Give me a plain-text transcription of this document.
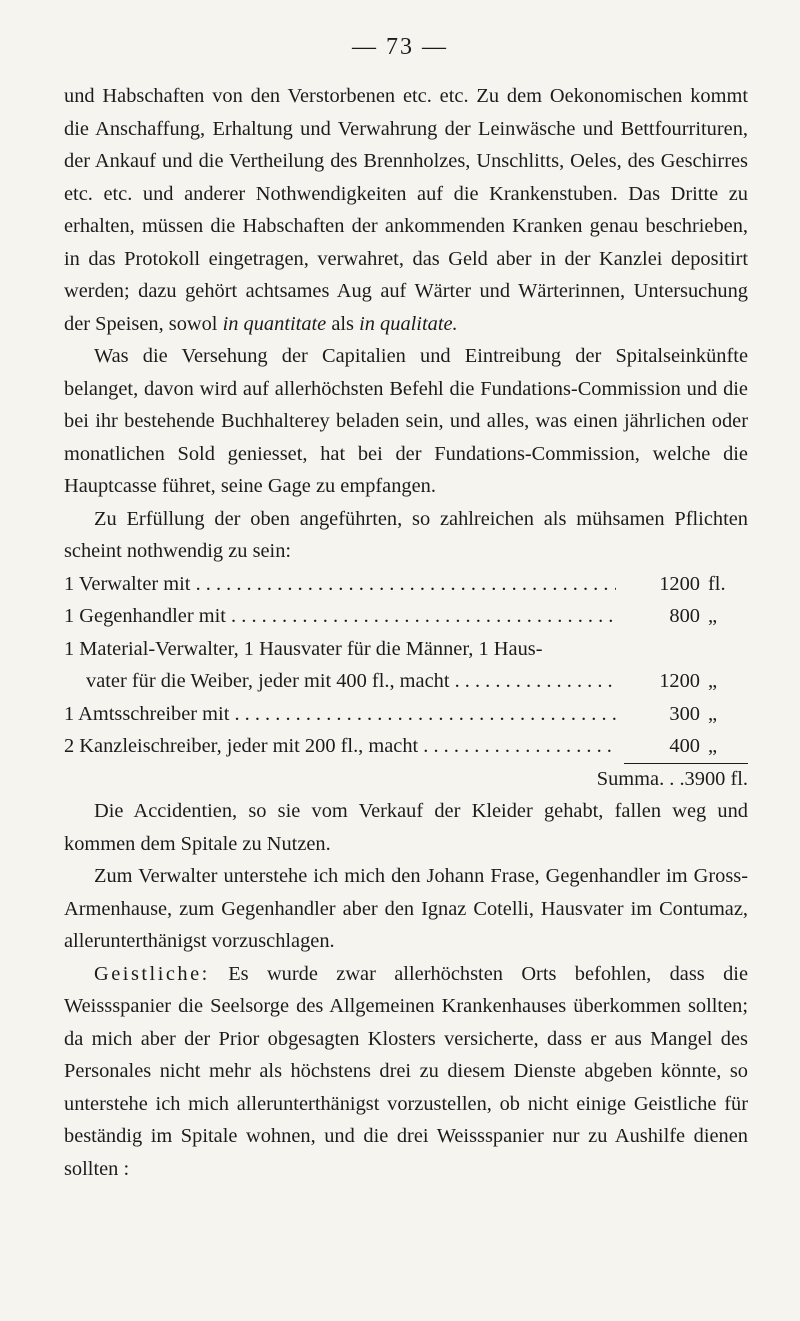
— 73 —

und Habschaften von den Verstorbenen etc. etc. Zu dem Oekonomischen kommt die Anschaffung, Erhaltung und Verwahrung der Leinwäsche und Bettfourrituren, der Ankauf und die Vertheilung des Brennholzes, Unschlitts, Oeles, des Geschirres etc. etc. und anderer Nothwendigkeiten auf die Krankenstuben. Das Dritte zu erhalten, müssen die Habschaften der ankommenden Kranken genau beschrieben, in das Protokoll eingetragen, verwahret, das Geld aber in der Kanzlei depositirt werden; dazu gehört achtsames Aug auf Wärter und Wärterinnen, Untersuchung der Speisen, sowol in quantitate als in qualitate.

Was die Versehung der Capitalien und Eintreibung der Spitalseinkünfte belanget, davon wird auf allerhöchsten Befehl die Fundations-Commission und die bei ihr bestehende Buchhalterey beladen sein, und alles, was einen jährlichen oder monatlichen Sold geniesset, hat bei der Fundations-Commission, welche die Hauptcasse führet, seine Gage zu empfangen.

Zu Erfüllung der oben angeführten, so zahlreichen als mühsamen Pflichten scheint nothwendig zu sein:

1 Verwalter mit . . .	1200 fl.
1 Gegenhandler mit . . .	800 „
1 Material-Verwalter, 1 Hausvater für die Männer, 1 Haus-
vater für die Weiber, jeder mit 400 fl., macht . . .	1200 „
1 Amtsschreiber mit . . .	300 „
2 Kanzleischreiber, jeder mit 200 fl., macht . . .	400 „
Summa. . .3900 fl.

Die Accidentien, so sie vom Verkauf der Kleider gehabt, fallen weg und kommen dem Spitale zu Nutzen.

Zum Verwalter unterstehe ich mich den Johann Frase, Gegenhandler im Gross-Armenhause, zum Gegenhandler aber den Ignaz Cotelli, Hausvater im Contumaz, allerunterthänigst vorzuschlagen.

Geistliche: Es wurde zwar allerhöchsten Orts befohlen, dass die Weissspanier die Seelsorge des Allgemeinen Krankenhauses überkommen sollten; da mich aber der Prior obgesagten Klosters versicherte, dass er aus Mangel des Personales nicht mehr als höchstens drei zu diesem Dienste abgeben könnte, so unterstehe ich mich allerunterthänigst vorzustellen, ob nicht einige Geistliche für beständig im Spitale wohnen, und die drei Weissspanier nur zu Aushilfe dienen sollten :
